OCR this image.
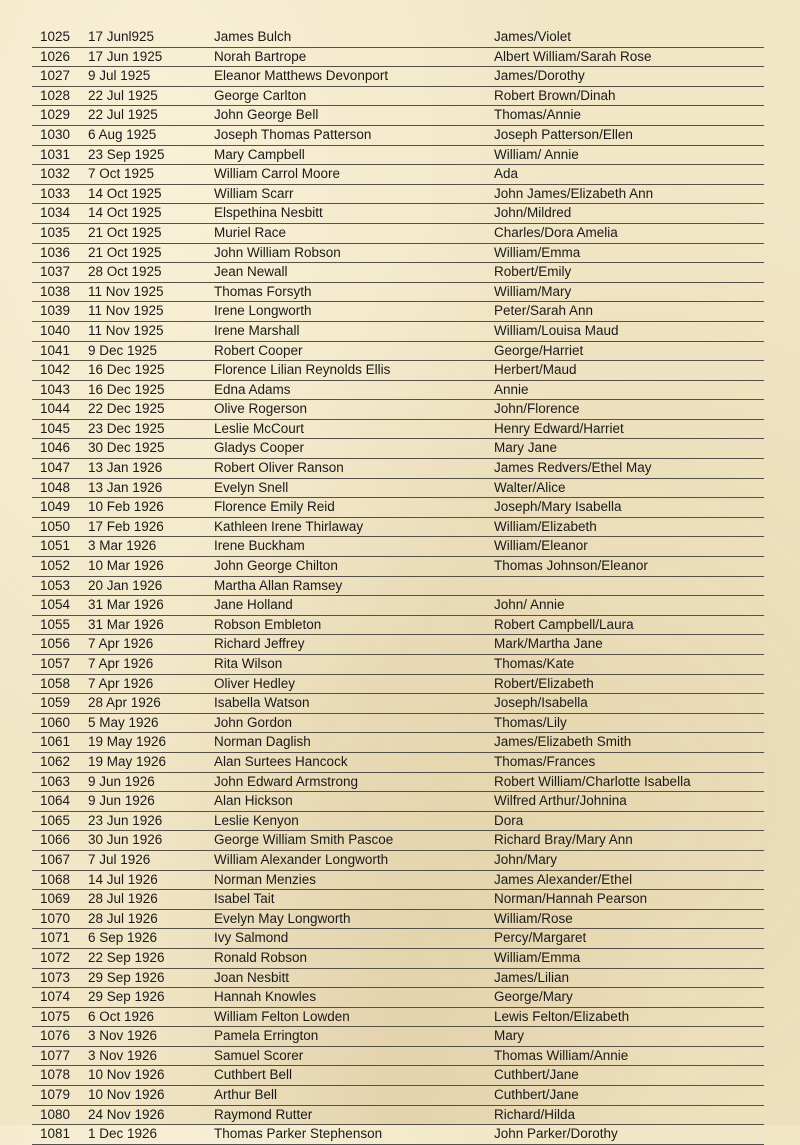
1025 17 Junl925	James Bulch	James/Violet
1026 17 Jun 1925	Norah Bartrope	Albert William/Sarah Rose
1027 9 Jul 1925	Eleanor Matthews Devonport	James/Dorothy
1028 22 Jul 1925	George Carlton	Robert Brown/Dinah
1029 22 Jul 1925	John George Bell	Thomas/Annie
1030 6 Aug 1925	Joseph Thomas Patterson	Joseph Patterson/Ellen
1031 23 Sep 1925	Mary Campbell	William/ Annie
1032 7 Oct 1925	William Carrol Moore	Ada
1033 14 Oct 1925	William Scarr	John James/Elizabeth Ann
1034 14 Oct 1925	Elspethina Nesbitt	John/Mildred
1035 21 Oct 1925	Muriel Race	Charles/Dora Amelia
1036 21 Oct 1925	John William Robson	William/Emma
1037 28 Oct 1925	Jean Newall	Robert/Emily
1038 11 Nov 1925	Thomas Forsyth	William/Mary
1039 11 Nov 1925	Irene Longworth	Peter/Sarah Ann
1040 11 Nov 1925	Irene Marshall	William/Louisa Maud
1041 9 Dec 1925	Robert Cooper	George/Harriet
1042 16 Dec 1925	Florence Lilian Reynolds Ellis	Herbert/Maud
1043 16 Dec 1925	Edna Adams	Annie
1044 22 Dec 1925	Olive Rogerson	John/Florence
1045 23 Dec 1925	Leslie McCourt	Henry Edward/Harriet
1046 30 Dec 1925	Gladys Cooper	Mary Jane
1047 13 Jan 1926	Robert Oliver Ranson	James Redvers/Ethel May
1048 13 Jan 1926	Evelyn Snell	Walter/Alice
1049 10 Feb 1926	Florence Emily Reid	Joseph/Mary Isabella
1050 17 Feb 1926	Kathleen Irene Thirlaway	William/Elizabeth
1051 3 Mar 1926	Irene Buckham	William/Eleanor
1052 10 Mar 1926	John George Chilton	Thomas Johnson/Eleanor
1053 20 Jan 1926	Martha Allan Ramsey
1054 31 Mar 1926	Jane Holland	John/ Annie
1055 31 Mar 1926	Robson Embleton	Robert Campbell/Laura
1056 7 Apr 1926	Richard Jeffrey	Mark/Martha Jane
1057 7 Apr 1926	Rita Wilson	Thomas/Kate
1058 7 Apr 1926	Oliver Hedley	Robert/Elizabeth
1059 28 Apr 1926	Isabella Watson	Joseph/Isabella
1060 5 May 1926	John Gordon	Thomas/Lily
1061 19 May 1926	Norman Daglish	James/Elizabeth Smith
1062 19 May 1926	Alan Surtees Hancock	Thomas/Frances
1063 9 Jun 1926	John Edward Armstrong	Robert William/Charlotte Isabella
1064 9 Jun 1926	Alan Hickson	Wilfred Arthur/Johnina
1065 23 Jun 1926	Leslie Kenyon	Dora
1066 30 Jun 1926	George William Smith Pascoe	Richard Bray/Mary Ann
1067 7 Jul 1926	William Alexander Longworth	John/Mary
1068 14 Jul 1926	Norman Menzies	James Alexander/Ethel
1069 28 Jul 1926	Isabel Tait	Norman/Hannah Pearson
1070 28 Jul 1926	Evelyn May Longworth	William/Rose
1071 6 Sep 1926	Ivy Salmond	Percy/Margaret
1072 22 Sep 1926	Ronald Robson	William/Emma
1073 29 Sep 1926	Joan Nesbitt	James/Lilian
1074 29 Sep 1926	Hannah Knowles	George/Mary
1075 6 Oct 1926	William Felton Lowden	Lewis Felton/Elizabeth
1076 3 Nov 1926	Pamela Errington	Mary
1077 3 Nov 1926	Samuel Scorer	Thomas William/Annie
1078 10 Nov 1926	Cuthbert Bell	Cuthbert/Jane
1079 10 Nov 1926	Arthur Bell	Cuthbert/Jane
1080 24 Nov 1926	Raymond Rutter	Richard/Hilda
1081 1 Dec 1926	Thomas Parker Stephenson	John Parker/Dorothy
